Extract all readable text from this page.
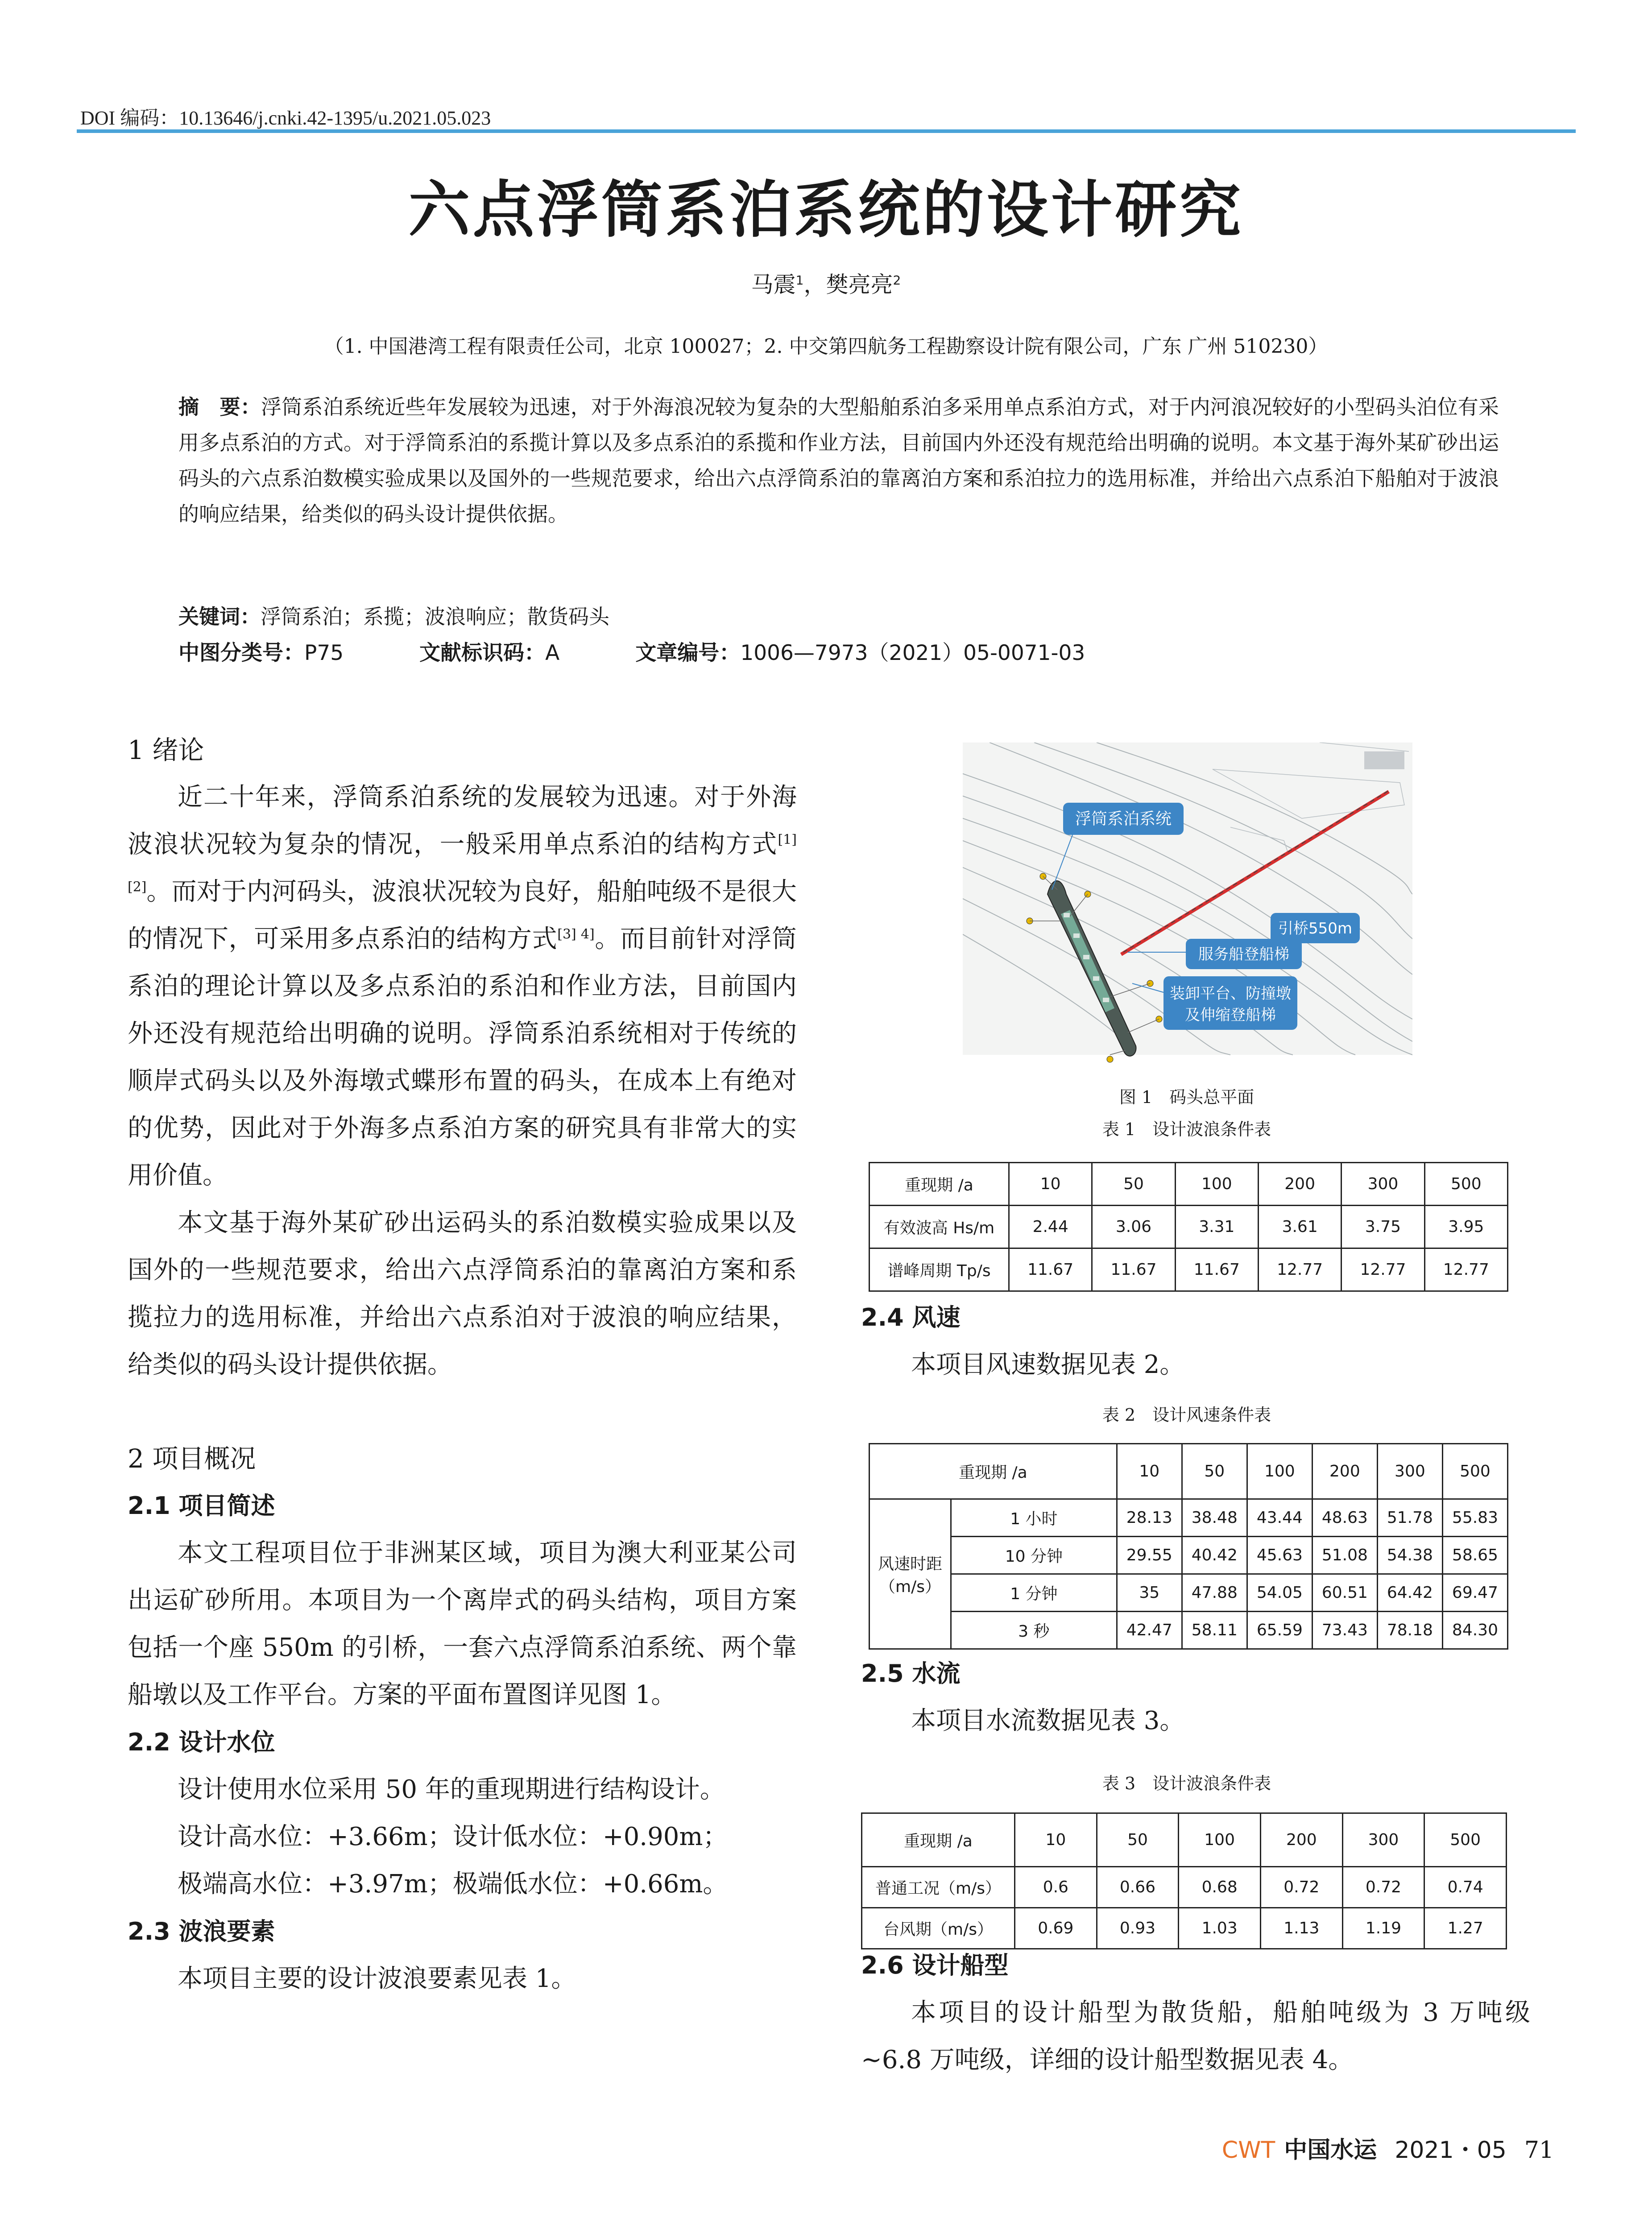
DOI 编码：10.13646/j.cnki.42-1395/u.2021.05.023
六点浮筒系泊系统的设计研究
马震$^1$，樊亮亮$^2$
（1. 中国港湾工程有限责任公司，北京 100027；2. 中交第四航务工程勘察设计院有限公司，广东 广州 510230）
摘　要：浮筒系泊系统近些年发展较为迅速，对于外海浪况较为复杂的大型船舶系泊多采用单点系泊方式，对于内河浪况较好的小型码头泊位有采用多点系泊的方式。对于浮筒系泊的系揽计算以及多点系泊的系揽和作业方法，目前国内外还没有规范给出明确的说明。本文基于海外某矿砂出运码头的六点系泊数模实验成果以及国外的一些规范要求，给出六点浮筒系泊的靠离泊方案和系泊拉力的选用标准，并给出六点系泊下船舶对于波浪的响应结果，给类似的码头设计提供依据。
关键词：浮筒系泊；系揽；波浪响应；散货码头
中图分类号：P75	文献标识码：A	文章编号：1006—7973（2021）05-0071-03

1 绪论

近二十年来，浮筒系泊系统的发展较为迅速。对于外海波浪状况较为复杂的情况，一般采用单点系泊的结构方式[1] [2]。而对于内河码头，波浪状况较为良好，船舶吨级不是很大的情况下，可采用多点系泊的结构方式[3] 4]。而目前针对浮筒系泊的理论计算以及多点系泊的系泊和作业方法，目前国内外还没有规范给出明确的说明。浮筒系泊系统相对于传统的顺岸式码头以及外海墩式蝶形布置的码头，在成本上有绝对的优势，因此对于外海多点系泊方案的研究具有非常大的实用价值。

本文基于海外某矿砂出运码头的系泊数模实验成果以及国外的一些规范要求，给出六点浮筒系泊的靠离泊方案和系揽拉力的选用标准，并给出六点系泊对于波浪的响应结果，给类似的码头设计提供依据。

2 项目概况

2.1 项目简述

本文工程项目位于非洲某区域，项目为澳大利亚某公司出运矿砂所用。本项目为一个离岸式的码头结构，项目方案包括一个座 550m 的引桥，一套六点浮筒系泊系统、两个靠船墩以及工作平台。方案的平面布置图详见图 1。

2.2 设计水位

设计使用水位采用 50 年的重现期进行结构设计。

设计高水位：+3.66m；设计低水位：+0.90m；

极端高水位：+3.97m；极端低水位：+0.66m。

2.3 波浪要素

本项目主要的设计波浪要素见表 1。

浮筒系泊系统
引桥550m
服务船登船梯
装卸平台、防撞墩
及伸缩登船梯
图 1　码头总平面
表 1　设计波浪条件表
重现期 /a	10	50	100	200	300	500
有效波高 Hs/m	2.44	3.06	3.31	3.61	3.75	3.95
谱峰周期 Tp/s	11.67	11.67	11.67	12.77	12.77	12.77

2.4 风速

本项目风速数据见表 2。

表 2　设计风速条件表
重现期 /a		10	50	100	200	300	500

风速时距
（m/s）	1 小时	28.13	38.48	43.44	48.63	51.78	55.83
	10 分钟	29.55	40.42	45.63	51.08	54.38	58.65
	1 分钟	35	47.88	54.05	60.51	64.42	69.47
	3 秒	42.47	58.11	65.59	73.43	78.18	84.30

2.5 水流

本项目水流数据见表 3。

表 3　设计波浪条件表
重现期 /a	10	50	100	200	300	500
普通工况（m/s）	0.6	0.66	0.68	0.72	0.72	0.74
台风期（m/s）	0.69	0.93	1.03	1.13	1.19	1.27

2.6 设计船型

本项目的设计船型为散货船，船舶吨级为 3 万吨级 ~6.8 万吨级，详细的设计船型数据见表 4。

CWT 中国水运 2021・05 71
